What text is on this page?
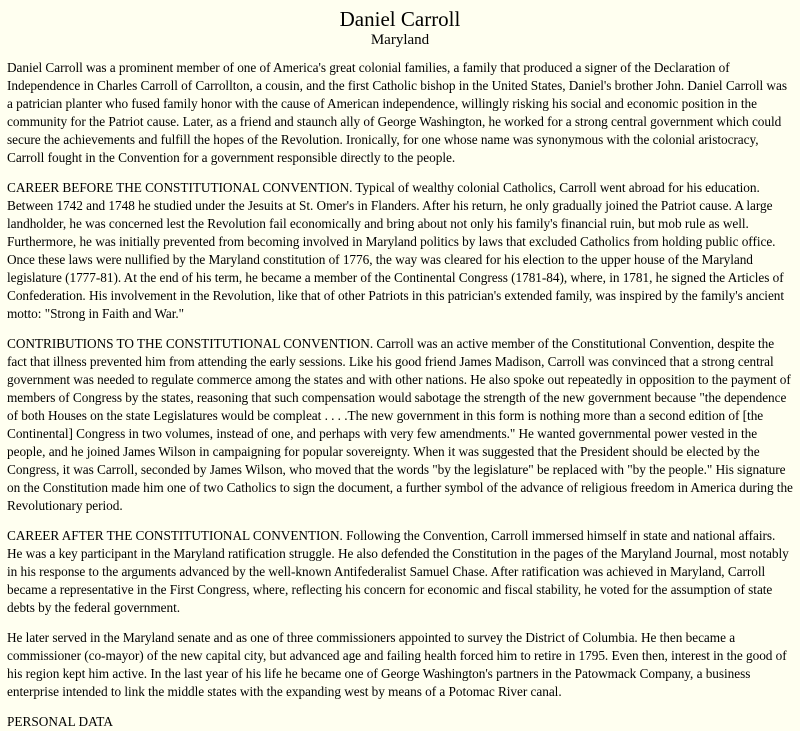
Daniel Carroll
Maryland

Daniel Carroll was a prominent member of one of America's great colonial families, a family that produced a signer of the Declaration of Independence in Charles Carroll of Carrollton, a cousin, and the first Catholic bishop in the United States, Daniel's brother John. Daniel Carroll was a patrician planter who fused family honor with the cause of American independence, willingly risking his social and economic position in the community for the Patriot cause. Later, as a friend and staunch ally of George Washington, he worked for a strong central government which could secure the achievements and fulfill the hopes of the Revolution. Ironically, for one whose name was synonymous with the colonial aristocracy, Carroll fought in the Convention for a government responsible directly to the people.

CAREER BEFORE THE CONSTITUTIONAL CONVENTION. Typical of wealthy colonial Catholics, Carroll went abroad for his education. Between 1742 and 1748 he studied under the Jesuits at St. Omer's in Flanders. After his return, he only gradually joined the Patriot cause. A large landholder, he was concerned lest the Revolution fail economically and bring about not only his family's financial ruin, but mob rule as well. Furthermore, he was initially prevented from becoming involved in Maryland politics by laws that excluded Catholics from holding public office. Once these laws were nullified by the Maryland constitution of 1776, the way was cleared for his election to the upper house of the Maryland legislature (1777-81). At the end of his term, he became a member of the Continental Congress (1781-84), where, in 1781, he signed the Articles of Confederation. His involvement in the Revolution, like that of other Patriots in this patrician's extended family, was inspired by the family's ancient motto: "Strong in Faith and War."

CONTRIBUTIONS TO THE CONSTITUTIONAL CONVENTION. Carroll was an active member of the Constitutional Convention, despite the fact that illness prevented him from attending the early sessions. Like his good friend James Madison, Carroll was convinced that a strong central government was needed to regulate commerce among the states and with other nations. He also spoke out repeatedly in opposition to the payment of members of Congress by the states, reasoning that such compensation would sabotage the strength of the new government because "the dependence of both Houses on the state Legislatures would be compleat . . . .The new government in this form is nothing more than a second edition of [the Continental] Congress in two volumes, instead of one, and perhaps with very few amendments." He wanted governmental power vested in the people, and he joined James Wilson in campaigning for popular sovereignty. When it was suggested that the President should be elected by the Congress, it was Carroll, seconded by James Wilson, who moved that the words "by the legislature" be replaced with "by the people." His signature on the Constitution made him one of two Catholics to sign the document, a further symbol of the advance of religious freedom in America during the Revolutionary period.

CAREER AFTER THE CONSTITUTIONAL CONVENTION. Following the Convention, Carroll immersed himself in state and national affairs. He was a key participant in the Maryland ratification struggle. He also defended the Constitution in the pages of the Maryland Journal, most notably in his response to the arguments advanced by the well-known Antifederalist Samuel Chase. After ratification was achieved in Maryland, Carroll became a representative in the First Congress, where, reflecting his concern for economic and fiscal stability, he voted for the assumption of state debts by the federal government.

He later served in the Maryland senate and as one of three commissioners appointed to survey the District of Columbia. He then became a commissioner (co-mayor) of the new capital city, but advanced age and failing health forced him to retire in 1795. Even then, interest in the good of his region kept him active. In the last year of his life he became one of George Washington's partners in the Patowmack Company, a business enterprise intended to link the middle states with the expanding west by means of a Potomac River canal.

PERSONAL DATA
